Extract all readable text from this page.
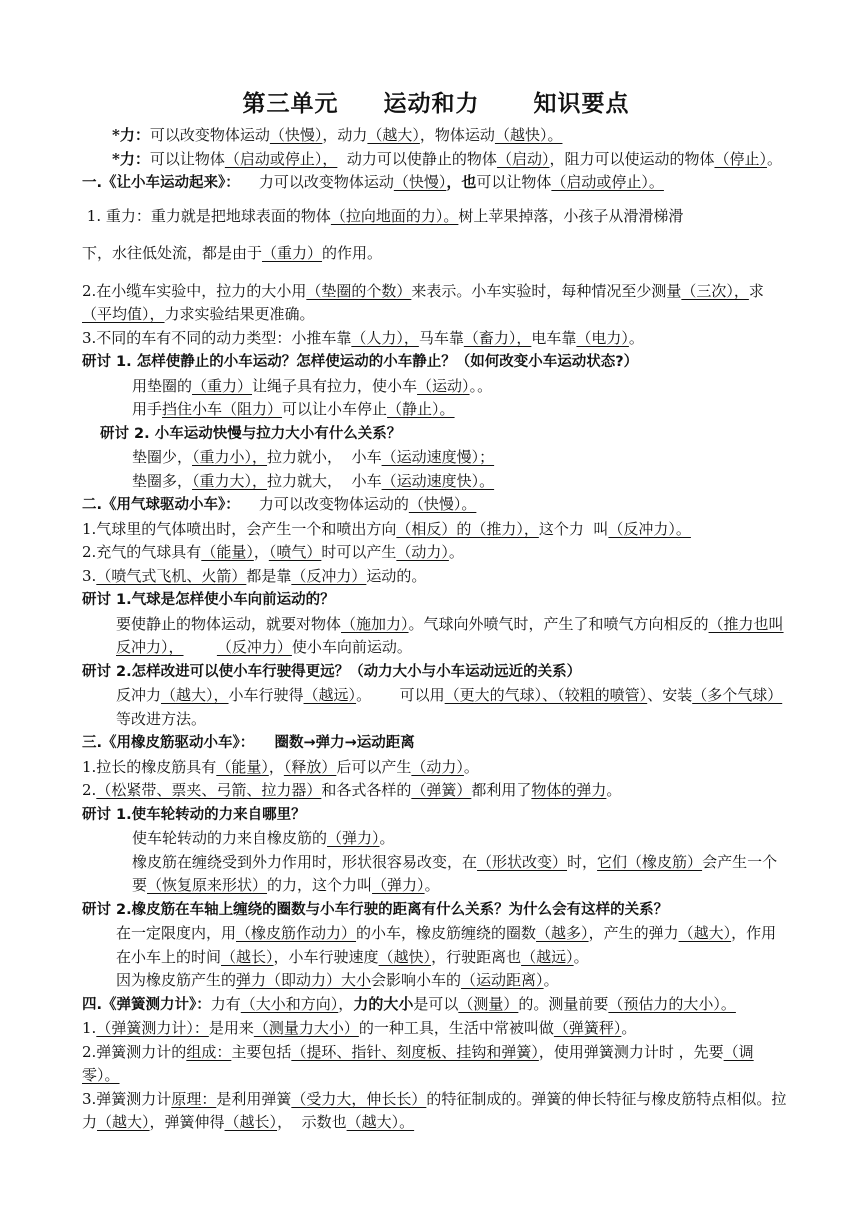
第三单元     运动和力      知识要点

*力：可以改变物体运动（快慢），动力（越大），物体运动（越快）。

*力：可以让物体（启动或停止），  动力可以使静止的物体（启动），阻力可以使运动的物体（停止）。

一.《让小车运动起来》：    力可以改变物体运动（快慢），也可以让物体（启动或停止）。

1. 重力：重力就是把地球表面的物体（拉向地面的力）。树上苹果掉落，小孩子从滑滑梯滑

下，水往低处流，都是由于（重力）的作用。

2.在小缆车实验中，拉力的大小用（垫圈的个数）来表示。小车实验时，每种情况至少测量（三次），求（平均值），力求实验结果更准确。

3.不同的车有不同的动力类型：小推车靠（人力），马车靠（畜力），电车靠（电力）。

研讨 1. 怎样使静止的小车运动？怎样使运动的小车静止？（如何改变小车运动状态?）

用垫圈的（重力）让绳子具有拉力，使小车（运动）。。

用手挡住小车（阻力）可以让小车停止（静止）。

研讨 2. 小车运动快慢与拉力大小有什么关系？

垫圈少，（重力小），拉力就小，  小车（运动速度慢）；

垫圈多，（重力大），拉力就大，  小车（运动速度快）。

二.《用气球驱动小车》：    力可以改变物体运动的（快慢）。

1.气球里的气体喷出时，会产生一个和喷出方向（相反）的（推力），这个力  叫（反冲力）。

2.充气的气球具有（能量），（喷气）时可以产生（动力）。

3.（喷气式飞机、火箭）都是靠（反冲力）运动的。

研讨 1.气球是怎样使小车向前运动的？

要使静止的物体运动，就要对物体（施加力）。气球向外喷气时，产生了和喷气方向相反的（推力也叫反冲力）， （反冲力）使小车向前运动。

研讨 2.怎样改进可以使小车行驶得更远？（动力大小与小车运动远近的关系）

反冲力（越大），小车行驶得（越远）。      可以用（更大的气球）、（较粗的喷管）、安装（多个气球）等改进方法。

三.《用橡皮筋驱动小车》：    圈数→弹力→运动距离

1.拉长的橡皮筋具有（能量），（释放）后可以产生（动力）。

2.（松紧带、票夹、弓箭、拉力器）和各式各样的（弹簧）都利用了物体的弹力。

研讨 1.使车轮转动的力来自哪里？

使车轮转动的力来自橡皮筋的（弹力）。

橡皮筋在缠绕受到外力作用时，形状很容易改变，在（形状改变）时，它们（橡皮筋）会产生一个要（恢复原来形状）的力，这个力叫（弹力）。

研讨 2.橡皮筋在车轴上缠绕的圈数与小车行驶的距离有什么关系？为什么会有这样的关系？

在一定限度内，用（橡皮筋作动力）的小车，橡皮筋缠绕的圈数（越多），产生的弹力（越大），作用在小车上的时间（越长），小车行驶速度（越快），行驶距离也（越远）。

因为橡皮筋产生的弹力（即动力）大小会影响小车的（运动距离）。

四.《弹簧测力计》：力有（大小和方向），力的大小是可以（测量）的。测量前要（预估力的大小）。

1.（弹簧测力计）：是用来（测量力大小）的一种工具，生活中常被叫做（弹簧秤）。

2.弹簧测力计的组成：主要包括（提环、指针、刻度板、挂钩和弹簧），使用弹簧测力计时 ，先要（调零）。

3.弹簧测力计原理：是利用弹簧（受力大，伸长长）的特征制成的。弹簧的伸长特征与橡皮筋特点相似。拉力（越大），弹簧伸得（越长），  示数也（越大）。
